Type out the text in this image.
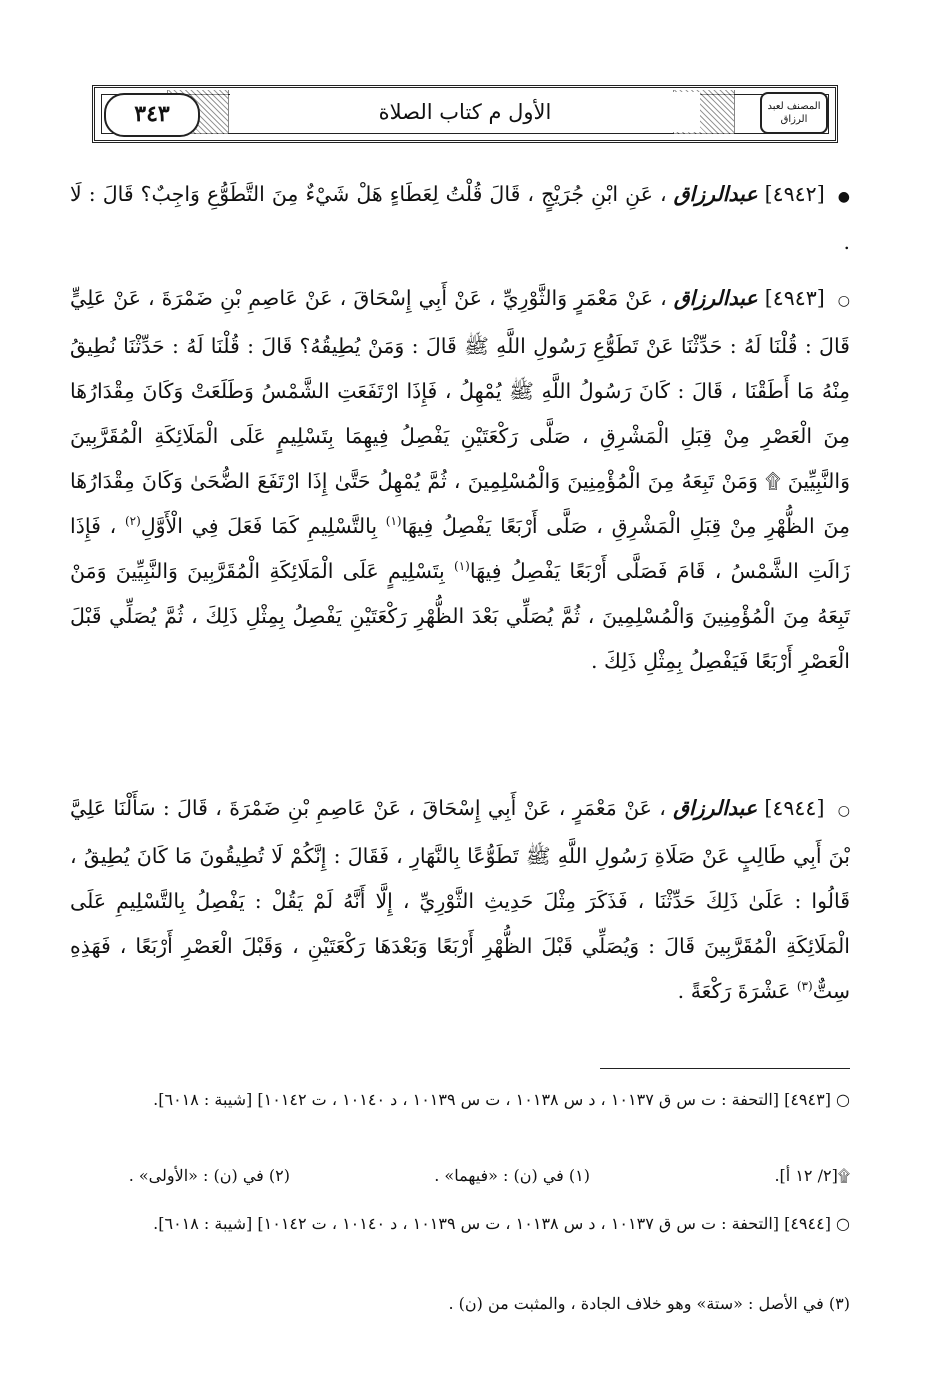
٣٤٣	الأول م كتاب الصلاة	المصنف لعبد الرزاق

● [٤٩٤٢] عبدالرزاق ، عَنِ ابْنِ جُرَيْجٍ ، قَالَ قُلْتُ لِعَطَاءٍ هَلْ شَيْءٌ مِنَ التَّطَوُّعِ وَاجِبٌ؟ قَالَ : لَا .

○ [٤٩٤٣] عبدالرزاق ، عَنْ مَعْمَرٍ وَالثَّوْرِيِّ ، عَنْ أَبِي إِسْحَاقَ ، عَنْ عَاصِمِ بْنِ ضَمْرَةَ ، عَنْ عَلِيٍّ قَالَ : قُلْنَا لَهُ : حَدِّثْنَا عَنْ تَطَوُّعِ رَسُولِ اللَّهِ ﷺ قَالَ : وَمَنْ يُطِيقُهُ؟ قَالَ : قُلْنَا لَهُ : حَدِّثْنَا نُطِيقُ مِنْهُ مَا أَطَقْنَا ، قَالَ : كَانَ رَسُولُ اللَّهِ ﷺ يُمْهِلُ ، فَإِذَا ارْتَفَعَتِ الشَّمْسُ وَطَلَعَتْ وَكَانَ مِقْدَارُهَا مِنَ الْعَصْرِ مِنْ قِبَلِ الْمَشْرِقِ ، صَلَّى رَكْعَتَيْنِ يَفْصِلُ فِيهِمَا بِتَسْلِيمٍ عَلَى الْمَلَائِكَةِ الْمُقَرَّبِينَ وَالنَّبِيِّينَ ۩ وَمَنْ تَبِعَهُ مِنَ الْمُؤْمِنِينَ وَالْمُسْلِمِينَ ، ثُمَّ يُمْهِلُ حَتَّىٰ إِذَا ارْتَفَعَ الضُّحَىٰ وَكَانَ مِقْدَارُهَا مِنَ الظُّهْرِ مِنْ قِبَلِ الْمَشْرِقِ ، صَلَّى أَرْبَعًا يَفْصِلُ فِيهَا$^{(١)}$ بِالتَّسْلِيمِ كَمَا فَعَلَ فِي الْأَوَّلِ$^{(٢)}$ ، فَإِذَا زَالَتِ الشَّمْسُ ، قَامَ فَصَلَّى أَرْبَعًا يَفْصِلُ فِيهَا$^{(١)}$ بِتَسْلِيمٍ عَلَى الْمَلَائِكَةِ الْمُقَرَّبِينَ وَالنَّبِيِّينَ وَمَنْ تَبِعَهُ مِنَ الْمُؤْمِنِينَ وَالْمُسْلِمِينَ ، ثُمَّ يُصَلِّي بَعْدَ الظُّهْرِ رَكْعَتَيْنِ يَفْصِلُ بِمِثْلِ ذَلِكَ ، ثُمَّ يُصَلِّي قَبْلَ الْعَصْرِ أَرْبَعًا فَيَفْصِلُ بِمِثْلِ ذَلِكَ .

○ [٤٩٤٤] عبدالرزاق ، عَنْ مَعْمَرٍ ، عَنْ أَبِي إِسْحَاقَ ، عَنْ عَاصِمِ بْنِ ضَمْرَةَ ، قَالَ : سَأَلْنَا عَلِيَّ بْنَ أَبِي طَالِبٍ عَنْ صَلَاةِ رَسُولِ اللَّهِ ﷺ تَطَوُّعًا بِالنَّهَارِ ، فَقَالَ : إِنَّكُمْ لَا تُطِيقُونَ مَا كَانَ يُطِيقُ ، قَالُوا : عَلَىٰ ذَلِكَ حَدِّثْنَا ، فَذَكَرَ مِثْلَ حَدِيثِ الثَّوْرِيِّ ، إِلَّا أَنَّهُ لَمْ يَقُلْ : يَفْصِلُ بِالتَّسْلِيمِ عَلَى الْمَلَائِكَةِ الْمُقَرَّبِينَ قَالَ : وَيُصَلِّي قَبْلَ الظُّهْرِ أَرْبَعًا وَبَعْدَهَا رَكْعَتَيْنِ ، وَقَبْلَ الْعَصْرِ أَرْبَعًا ، فَهَذِهِ سِتٌّ$^{(٣)}$ عَشْرَةَ رَكْعَةً .

○ [٤٩٤٣] [التحفة : ت س ق ١٠١٣٧ ، د س ١٠١٣٨ ، ت س ١٠١٣٩ ، د ١٠١٤٠ ، ت ١٠١٤٢] [شيبة : ٦٠١٨].
۩[٢/ ١٢ أ].
(١) في (ن) : «فيهما» .
(٢) في (ن) : «الأولى» .
○ [٤٩٤٤] [التحفة : ت س ق ١٠١٣٧ ، د س ١٠١٣٨ ، ت س ١٠١٣٩ ، د ١٠١٤٠ ، ت ١٠١٤٢] [شيبة : ٦٠١٨].
(٣) في الأصل : «ستة» وهو خلاف الجادة ، والمثبت من (ن) .
